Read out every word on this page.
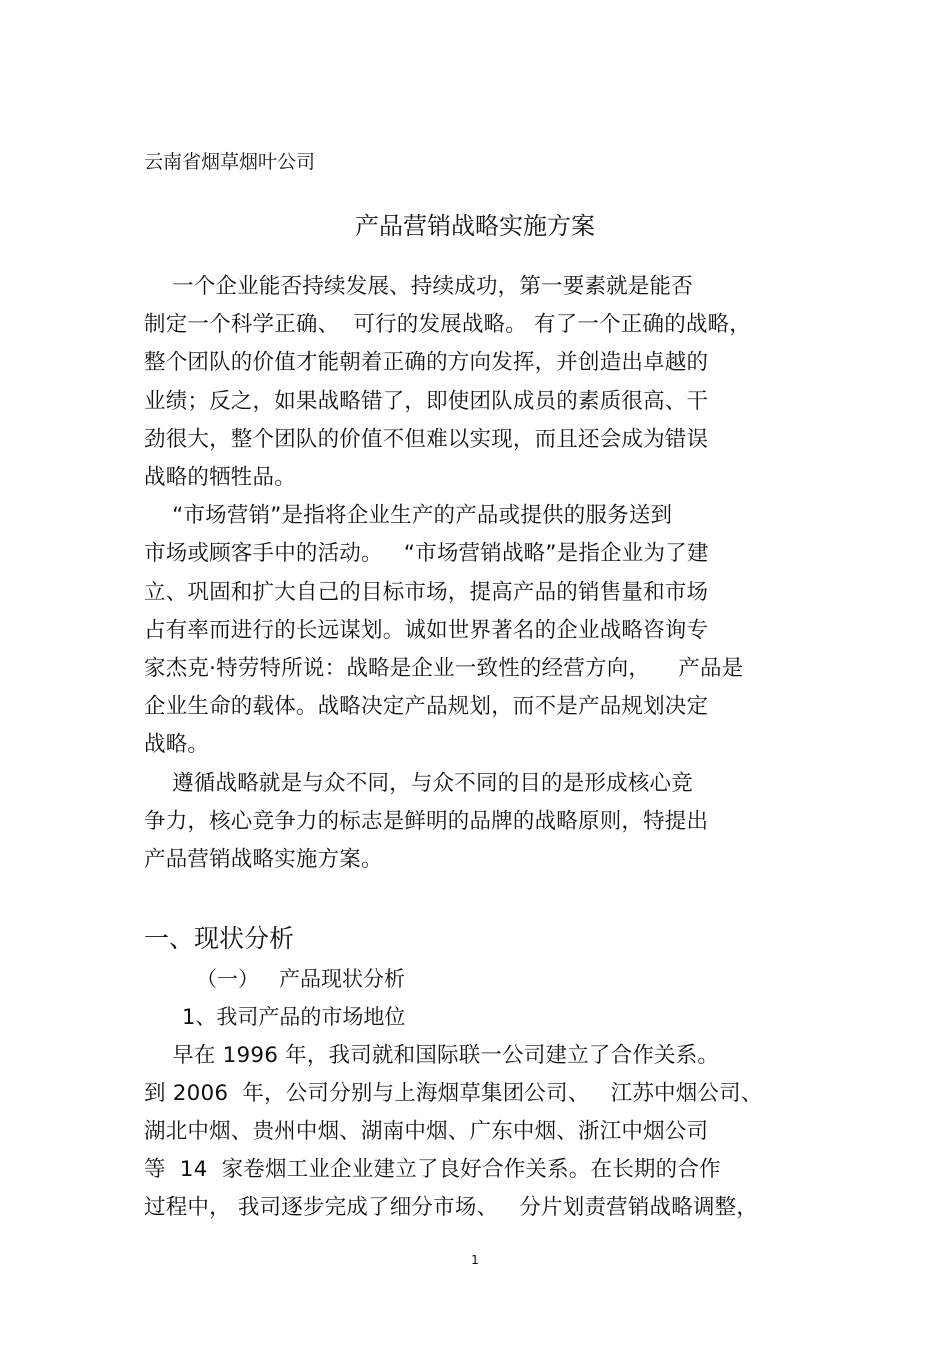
云南省烟草烟叶公司
产品营销战略实施方案
一个企业能否持续发展、持续成功，第一要素就是能否
制定一个科学正确、  可行的发展战略。 有了一个正确的战略，
整个团队的价值才能朝着正确的方向发挥，并创造出卓越的
业绩；反之，如果战略错了，即使团队成员的素质很高、干
劲很大，整个团队的价值不但难以实现，而且还会成为错误
战略的牺牲品。
“市场营销”是指将企业生产的产品或提供的服务送到
市场或顾客手中的活动。   “市场营销战略”是指企业为了建
立、巩固和扩大自己的目标市场，提高产品的销售量和市场
占有率而进行的长远谋划。诚如世界著名的企业战略咨询专
家杰克·特劳特所说：战略是企业一致性的经营方向，    产品是
企业生命的载体。战略决定产品规划，而不是产品规划决定
战略。
遵循战略就是与众不同，与众不同的目的是形成核心竞
争力，核心竞争力的标志是鲜明的品牌的战略原则，特提出
产品营销战略实施方案。
一、现状分析
（一）   产品现状分析
1、我司产品的市场地位
早在 1996 年，我司就和国际联一公司建立了合作关系。
到 2006  年，公司分别与上海烟草集团公司、   江苏中烟公司、
湖北中烟、贵州中烟、湖南中烟、广东中烟、浙江中烟公司
等  14  家卷烟工业企业建立了良好合作关系。在长期的合作
过程中， 我司逐步完成了细分市场、   分片划责营销战略调整，
1
